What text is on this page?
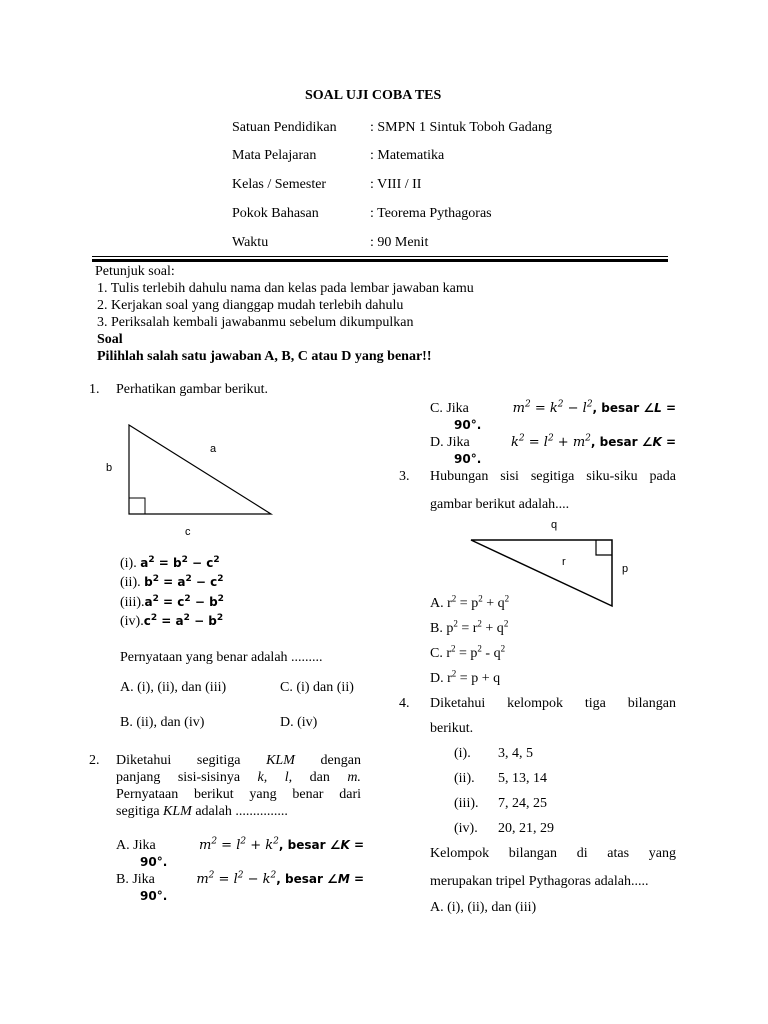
SOAL UJI COBA TES
Satuan Pendidikan : SMPN 1 Sintuk Toboh Gadang
Mata Pelajaran	: Matematika
Kelas / Semester	: VIII / II
Pokok Bahasan	: Teorema Pythagoras
Waktu	: 90 Menit
Petunjuk soal:
1. Tulis terlebih dahulu nama dan kelas pada lembar jawaban kamu
2. Kerjakan soal yang dianggap mudah terlebih dahulu
3. Periksalah kembali jawabanmu sebelum dikumpulkan
Soal
Pilihlah salah satu jawaban A, B, C atau D yang benar!!
1. Perhatikan gambar berikut.
a
b
c
(i). $a^2 = b^2 - c^2$
(ii). $b^2 = a^2 - c^2$
$(iii).a^2 = c^2 - b^2$
$(iv).c^2 = a^2 - b^2$
Pernyataan yang benar adalah .........
A. (i), (ii), dan (iii)	C. (i) dan (ii)
B. (ii), dan (iv)	D. (iv)
2. Diketahui segitiga KLM dengan
panjang sisi-sisinya k, l, dan m.
Pernyataan berikut yang benar dari
segitiga KLM adalah ...............
A. Jika	$m^2 = l^2 + k^2$, besar ∠K =
90°.
B. Jika	$m^2 = l^2 - k^2$, besar ∠M =
90°.
C. Jika	$m^2 = k^2 - l^2$, besar ∠L =
90°.
D. Jika	$k^2 = l^2 + m^2$, besar ∠K =
90°.
3. Hubungan sisi segitiga siku-siku pada
gambar berikut adalah....
q
r
p
A. $r^2 = p^2 + q^2$
B. $p^2 = r^2 + q^2$
C. $r^2 = p^2 - q^2$
D. $r^2 = p + q$
4. Diketahui kelompok tiga bilangan
berikut.
(i). 3, 4, 5
(ii). 5, 13, 14
(iii). 7, 24, 25
(iv). 20, 21, 29
Kelompok bilangan di atas yang
merupakan tripel Pythagoras adalah.....
A. (i), (ii), dan (iii)
